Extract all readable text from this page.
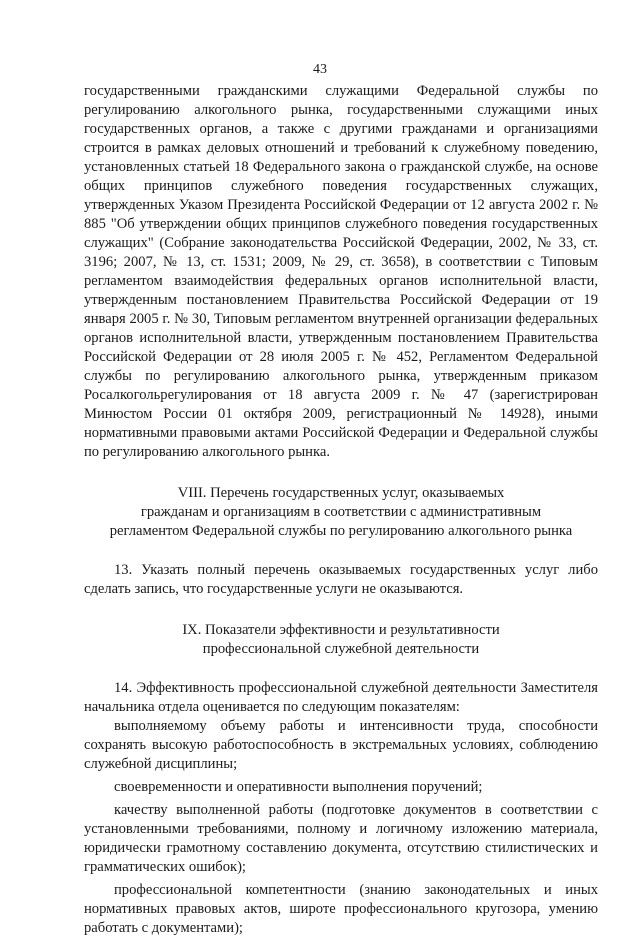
43

государственными гражданскими служащими Федеральной службы по регулированию алкогольного рынка, государственными служащими иных государственных органов, а также с другими гражданами и организациями строится в рамках деловых отношений и требований к служебному поведению, установленных статьей 18 Федерального закона о гражданской службе, на основе общих принципов служебного поведения государственных служащих, утвержденных Указом Президента Российской Федерации от 12 августа 2002 г. № 885 "Об утверждении общих принципов служебного поведения государственных служащих" (Собрание законодательства Российской Федерации, 2002, № 33, ст. 3196; 2007, № 13, ст. 1531; 2009, № 29, ст. 3658), в соответствии с Типовым регламентом взаимодействия федеральных органов исполнительной власти, утвержденным постановлением Правительства Российской Федерации от 19 января 2005 г. № 30, Типовым регламентом внутренней организации федеральных органов исполнительной власти, утвержденным постановлением Правительства Российской Федерации от 28 июля 2005 г. № 452, Регламентом Федеральной службы по регулированию алкогольного рынка, утвержденным приказом Росалкогольрегулирования от 18 августа 2009 г. № 47 (зарегистрирован Минюстом России 01 октября 2009, регистрационный № 14928), иными нормативными правовыми актами Российской Федерации и Федеральной службы по регулированию алкогольного рынка.

VIII. Перечень государственных услуг, оказываемых

гражданам и организациям в соответствии с административным

регламентом Федеральной службы по регулированию алкогольного рынка

13. Указать полный перечень оказываемых государственных услуг либо сделать запись, что государственные услуги не оказываются.

IX. Показатели эффективности и результативности

профессиональной служебной деятельности

14. Эффективность профессиональной служебной деятельности Заместителя начальника отдела оценивается по следующим показателям:

выполняемому объему работы и интенсивности труда, способности сохранять высокую работоспособность в экстремальных условиях, соблюдению служебной дисциплины;

своевременности и оперативности выполнения поручений;

качеству выполненной работы (подготовке документов в соответствии с установленными требованиями, полному и логичному изложению материала, юридически грамотному составлению документа, отсутствию стилистических и грамматических ошибок);

профессиональной компетентности (знанию законодательных и иных нормативных правовых актов, широте профессионального кругозора, умению работать с документами);
